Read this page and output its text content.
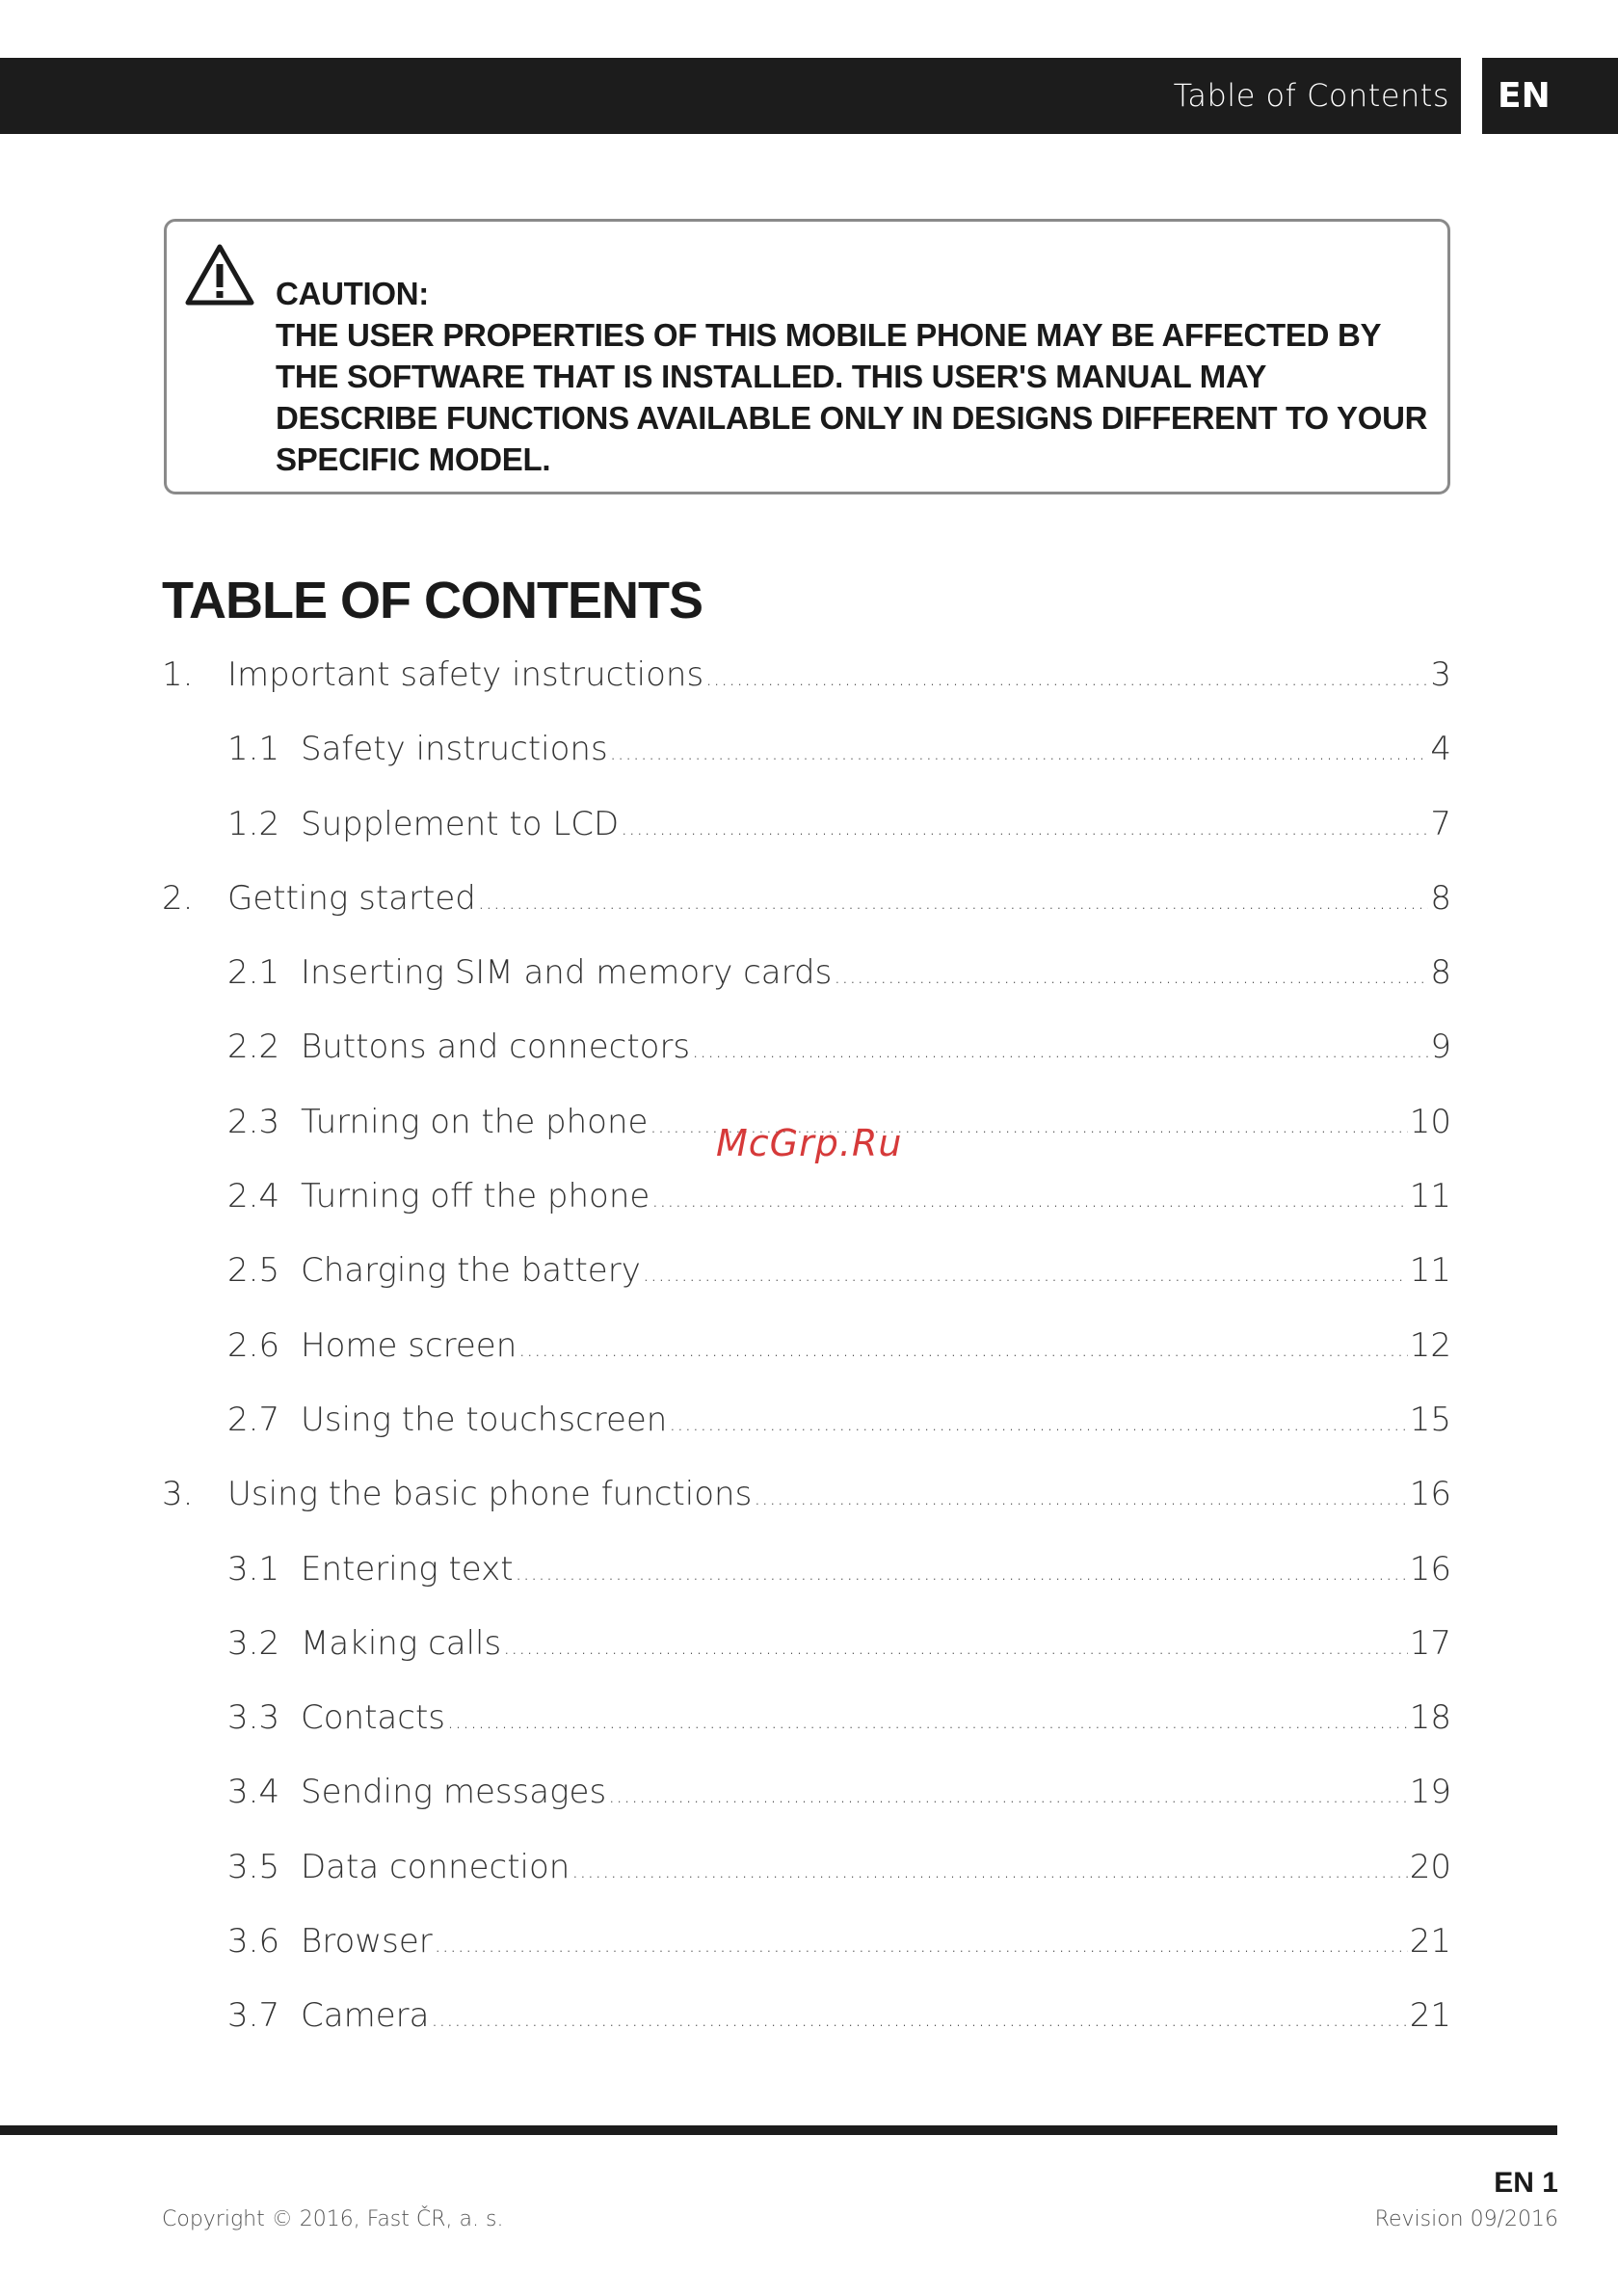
Table of Contents	EN
CAUTION:
THE USER PROPERTIES OF THIS MOBILE PHONE MAY BE AFFECTED BY THE SOFTWARE THAT IS INSTALLED. THIS USER'S MANUAL MAY DESCRIBE FUNCTIONS AVAILABLE ONLY IN DESIGNS DIFFERENT TO YOUR SPECIFIC MODEL.
TABLE OF CONTENTS
1.	Important safety instructions .....	3
1.1 Safety instructions .....	4
1.2 Supplement to LCD .....	7
2.	Getting started .....	8
2.1 Inserting SIM and memory cards .....	8
2.2 Buttons and connectors .....	9
2.3 Turning on the phone .....	10
2.4 Turning off the phone .....	11
2.5 Charging the battery .....	11
2.6 Home screen .....	12
2.7 Using the touchscreen .....	15
3.	Using the basic phone functions .....	16
3.1 Entering text .....	16
3.2 Making calls .....	17
3.3 Contacts .....	18
3.4 Sending messages .....	19
3.5 Data connection .....	20
3.6 Browser .....	21
3.7 Camera .....	21
McGrp.Ru
EN 1
Copyright © 2016, Fast ČR, a. s.	Revision 09/2016
